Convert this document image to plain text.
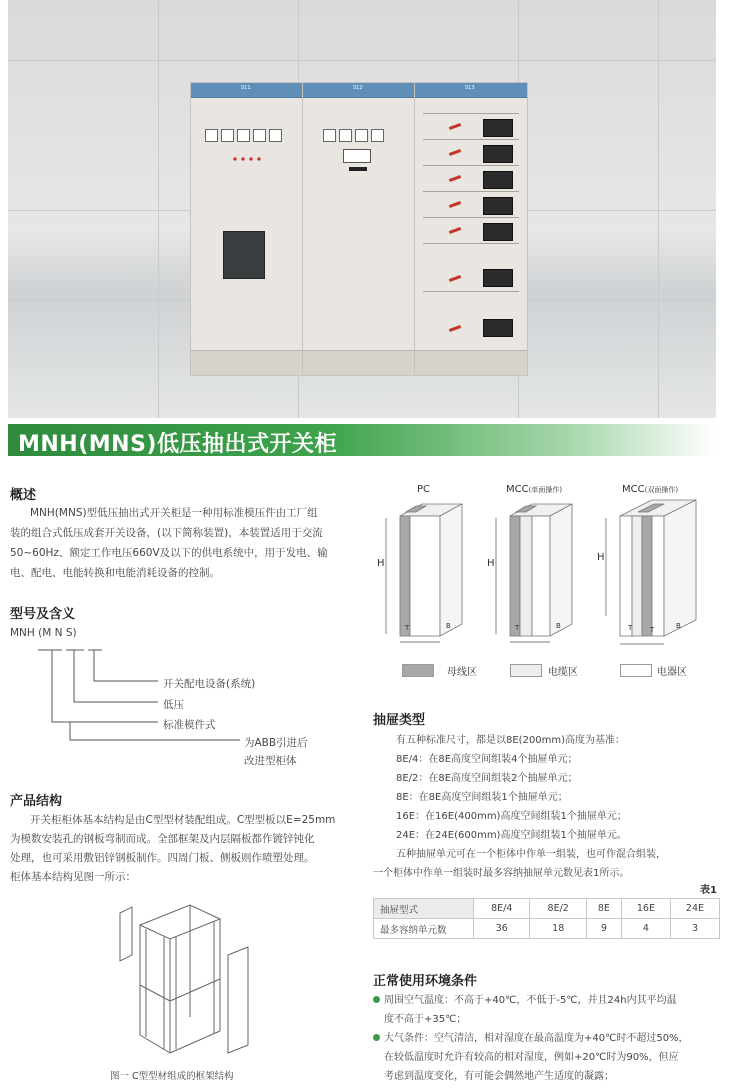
S11	S12	S13
MNH(MNS)低压抽出式开关柜
概述
MNH(MNS)型低压抽出式开关柜是一种用标准模压件由工厂组
装的组合式低压成套开关设备，(以下简称装置)，本装置适用于交流
50~60Hz、额定工作电压660V及以下的供电系统中，用于发电、输
电、配电、电能转换和电能消耗设备的控制。
型号及含义
MNH (M N S)
开关配电设备(系统)
低压
标准模件式
为ABB引进后
改进型柜体
产品结构
开关柜柜体基本结构是由C型型材装配组成。C型型板以E=25mm
为模数安装孔的钢板弯制而成。全部框架及内层隔板都作镀锌钝化
处理，也可采用敷铝锌钢板制作。四周门板、侧板则作喷塑处理。
柜体基本结构见图一所示：
图一 C型型材组成的框架结构
PC	MCC(单面操作)	MCC(双面操作)
H	H
H
T	B	T	B	T	T	B
母线区	电缆区	电器区
抽屉类型
有五种标准尺寸，都是以8E(200mm)高度为基准：
8E/4：在8E高度空间组装4个抽屉单元；
8E/2：在8E高度空间组装2个抽屉单元；
8E：在8E高度空间组装1个抽屉单元；
16E：在16E(400mm)高度空间组装1个抽屉单元；
24E：在24E(600mm)高度空间组装1个抽屉单元。
五种抽屉单元可在一个柜体中作单一组装，也可作混合组装，
一个柜体中作单一组装时最多容纳抽屉单元数见表1所示。
表1
抽屉型式	8E/4	8E/2	8E	16E	24E
最多容纳单元数	36	18	9	4	3
正常使用环境条件
周围空气温度：不高于+40℃，不低于-5℃，并且24h内其平均温
度不高于+35℃；
大气条件：空气清洁，相对湿度在最高温度为+40℃时不超过50%，
在较低温度时允许有较高的相对湿度，例如+20℃时为90%，但应
考虑到温度变化，有可能会偶然地产生适度的凝露；
